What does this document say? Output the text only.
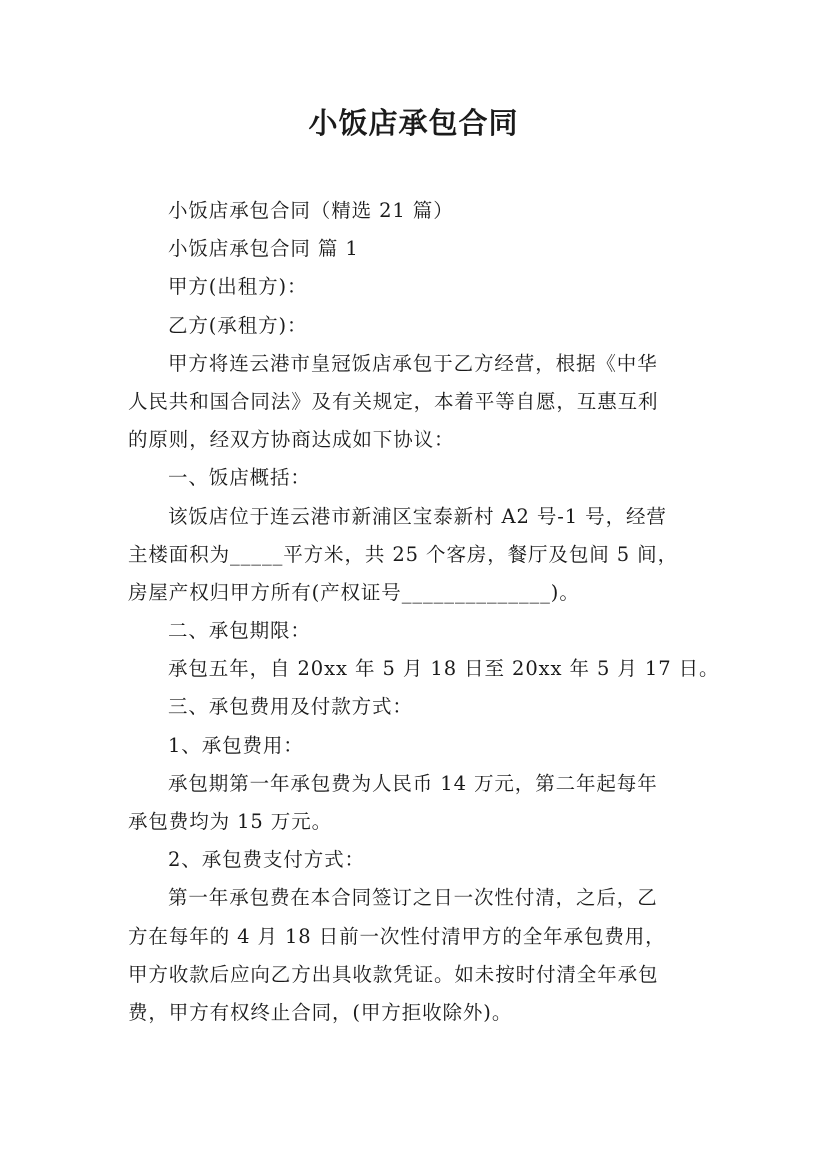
小饭店承包合同

小饭店承包合同（精选 21 篇）

小饭店承包合同 篇 1

甲方(出租方)：

乙方(承租方)：

甲方将连云港市皇冠饭店承包于乙方经营，根据《中华

人民共和国合同法》及有关规定，本着平等自愿，互惠互利

的原则，经双方协商达成如下协议：

一、饭店概括：

该饭店位于连云港市新浦区宝泰新村 A2 号-1 号，经营

主楼面积为_____平方米，共 25 个客房，餐厅及包间 5 间，

房屋产权归甲方所有(产权证号______________)。

二、承包期限：

承包五年，自 20xx 年 5 月 18 日至 20xx 年 5 月 17 日。

三、承包费用及付款方式：

1、承包费用：

承包期第一年承包费为人民币 14 万元，第二年起每年

承包费均为 15 万元。

2、承包费支付方式：

第一年承包费在本合同签订之日一次性付清，之后，乙

方在每年的 4 月 18 日前一次性付清甲方的全年承包费用，

甲方收款后应向乙方出具收款凭证。如未按时付清全年承包

费，甲方有权终止合同，(甲方拒收除外)。
